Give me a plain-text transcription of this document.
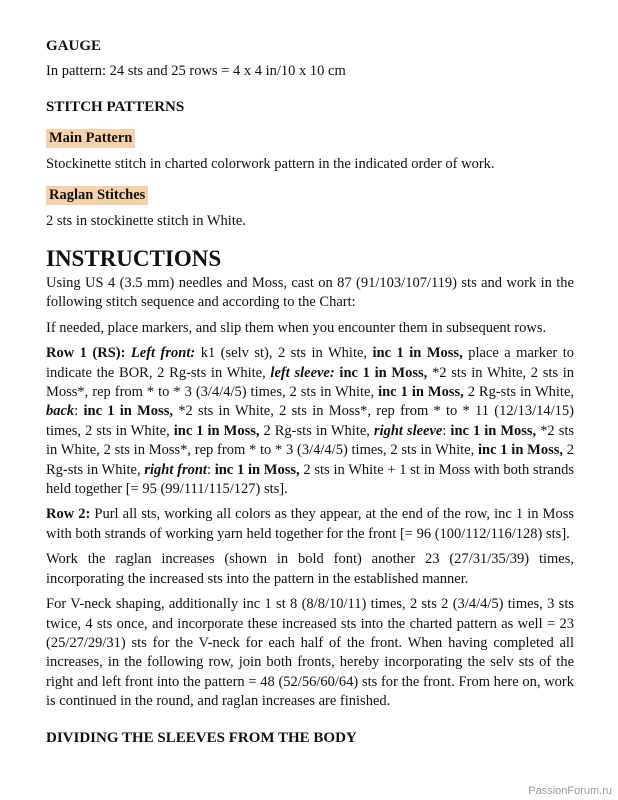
GAUGE

In pattern: 24 sts and 25 rows = 4 x 4 in/10 x 10 cm

STITCH PATTERNS

Main Pattern

Stockinette stitch in charted colorwork pattern in the indicated order of work.

Raglan Stitches

2 sts in stockinette stitch in White.

INSTRUCTIONS

Using US 4 (3.5 mm) needles and Moss, cast on 87 (91/103/107/119) sts and work in the following stitch sequence and according to the Chart:

If needed, place markers, and slip them when you encounter them in subsequent rows.

Row 1 (RS): Left front: k1 (selv st), 2 sts in White, inc 1 in Moss, place a marker to indicate the BOR, 2 Rg-sts in White, left sleeve: inc 1 in Moss, *2 sts in White, 2 sts in Moss*, rep from * to * 3 (3/4/4/5) times, 2 sts in White, inc 1 in Moss, 2 Rg-sts in White, back: inc 1 in Moss, *2 sts in White, 2 sts in Moss*, rep from * to * 11 (12/13/14/15) times, 2 sts in White, inc 1 in Moss, 2 Rg-sts in White, right sleeve: inc 1 in Moss, *2 sts in White, 2 sts in Moss*, rep from * to * 3 (3/4/4/5) times, 2 sts in White, inc 1 in Moss, 2 Rg-sts in White, right front: inc 1 in Moss, 2 sts in White + 1 st in Moss with both strands held together [= 95 (99/111/115/127) sts].

Row 2: Purl all sts, working all colors as they appear, at the end of the row, inc 1 in Moss with both strands of working yarn held together for the front [= 96 (100/112/116/128) sts].

Work the raglan increases (shown in bold font) another 23 (27/31/35/39) times, incorporating the increased sts into the pattern in the established manner.

For V-neck shaping, additionally inc 1 st 8 (8/8/10/11) times, 2 sts 2 (3/4/4/5) times, 3 sts twice, 4 sts once, and incorporate these increased sts into the charted pattern as well = 23 (25/27/29/31) sts for the V-neck for each half of the front. When having completed all increases, in the following row, join both fronts, hereby incorporating the selv sts of the right and left front into the pattern = 48 (52/56/60/64) sts for the front. From here on, work is continued in the round, and raglan increases are finished.

DIVIDING THE SLEEVES FROM THE BODY

PassionForum.ru
